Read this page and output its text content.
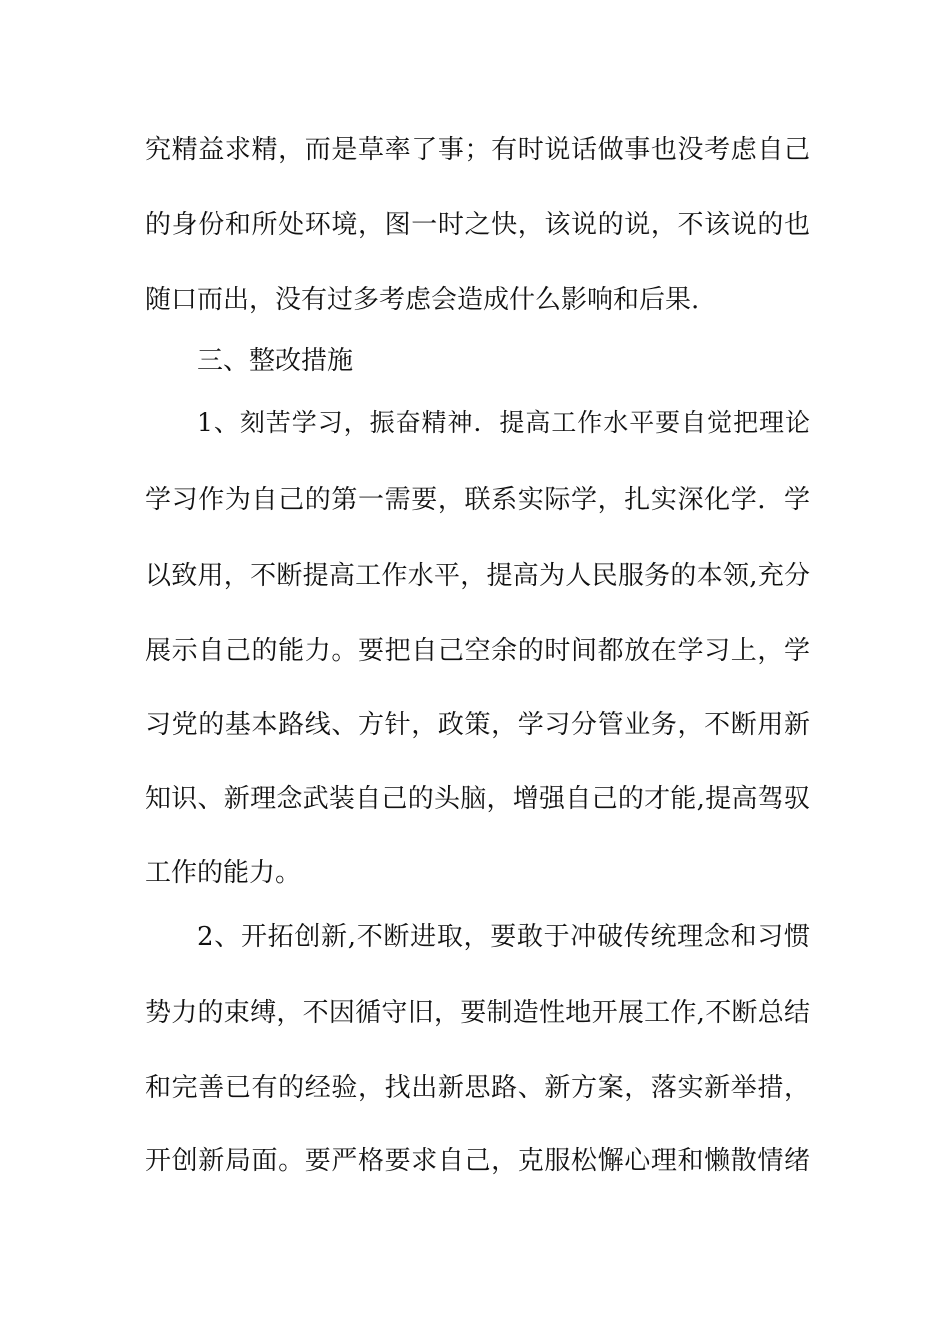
究精益求精，而是草率了事；有时说话做事也没考虑自己
的身份和所处环境，图一时之快，该说的说，不该说的也
随口而出，没有过多考虑会造成什么影响和后果.
三、整改措施
1、刻苦学习，振奋精神．提高工作水平要自觉把理论
学习作为自己的第一需要，联系实际学，扎实深化学．学
以致用，不断提高工作水平，提高为人民服务的本领,充分
展示自己的能力。要把自己空余的时间都放在学习上，学
习党的基本路线、方针，政策，学习分管业务，不断用新
知识、新理念武装自己的头脑，增强自己的才能,提高驾驭
工作的能力。
2、开拓创新,不断进取，要敢于冲破传统理念和习惯
势力的束缚，不因循守旧，要制造性地开展工作,不断总结
和完善已有的经验，找出新思路、新方案，落实新举措，
开创新局面。要严格要求自己，克服松懈心理和懒散情绪
